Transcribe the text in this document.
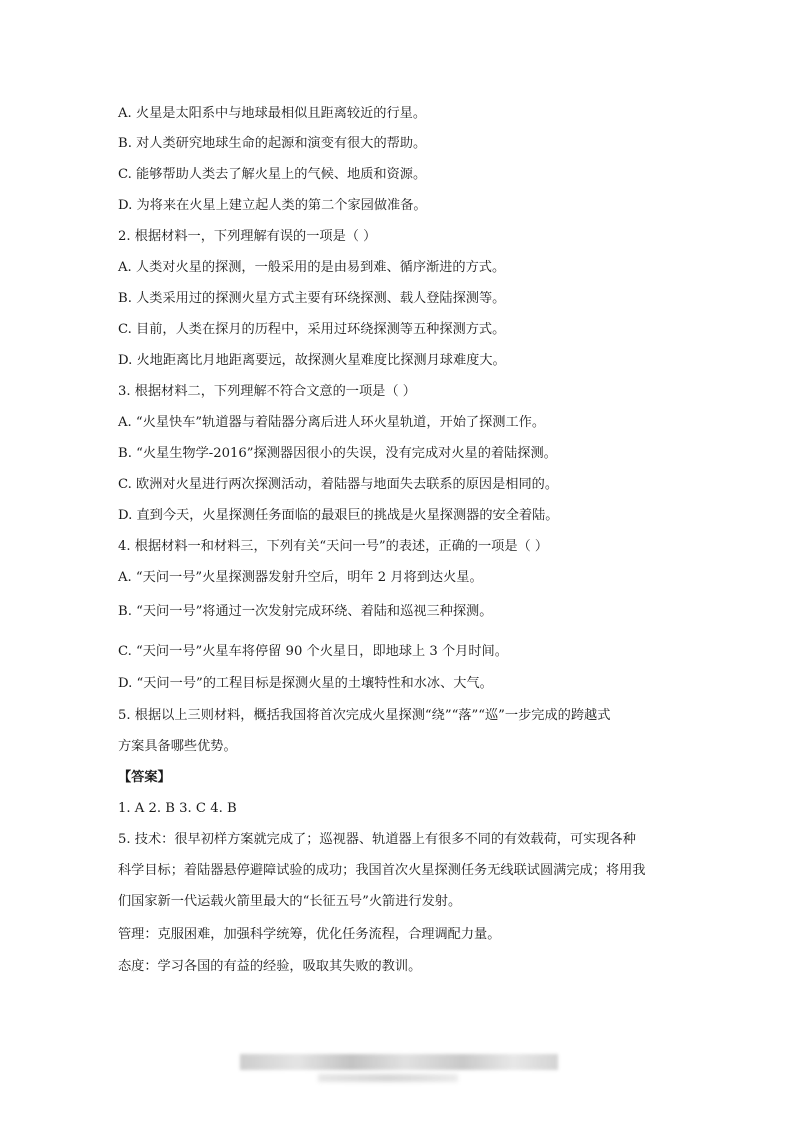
A. 火星是太阳系中与地球最相似且距离较近的行星。
B. 对人类研究地球生命的起源和演变有很大的帮助。
C. 能够帮助人类去了解火星上的气候、地质和资源。
D. 为将来在火星上建立起人类的第二个家园做准备。
2. 根据材料一，下列理解有误的一项是（ ）
A. 人类对火星的探测，一般采用的是由易到难、循序渐进的方式。
B. 人类采用过的探测火星方式主要有环绕探测、载人登陆探测等。
C. 目前，人类在探月的历程中，采用过环绕探测等五种探测方式。
D. 火地距离比月地距离要远，故探测火星难度比探测月球难度大。
3. 根据材料二，下列理解不符合文意的一项是（ ）
A. “火星快车”轨道器与着陆器分离后进人环火星轨道，开始了探测工作。
B. “火星生物学-2016”探测器因很小的失误，没有完成对火星的着陆探测。
C. 欧洲对火星进行两次探测活动，着陆器与地面失去联系的原因是相同的。
D. 直到今天，火星探测任务面临的最艰巨的挑战是火星探测器的安全着陆。
4. 根据材料一和材料三，下列有关“天问一号”的表述，正确的一项是（ ）
A. “天问一号”火星探测器发射升空后，明年 2 月将到达火星。
B. “天问一号”将通过一次发射完成环绕、着陆和巡视三种探测。
C. “天问一号”火星车将停留 90 个火星日，即地球上 3 个月时间。
D. “天问一号”的工程目标是探测火星的土壤特性和水冰、大气。
5. 根据以上三则材料，概括我国将首次完成火星探测“绕”“落”“巡”一步完成的跨越式
方案具备哪些优势。
【答案】
1. A 2. B 3. C 4. B
5. 技术：很早初样方案就完成了；巡视器、轨道器上有很多不同的有效载荷，可实现各种
科学目标；着陆器悬停避障试验的成功；我国首次火星探测任务无线联试圆满完成；将用我
们国家新一代运载火箭里最大的“长征五号”火箭进行发射。
管理：克服困难，加强科学统筹，优化任务流程，合理调配力量。
态度：学习各国的有益的经验，吸取其失败的教训。
